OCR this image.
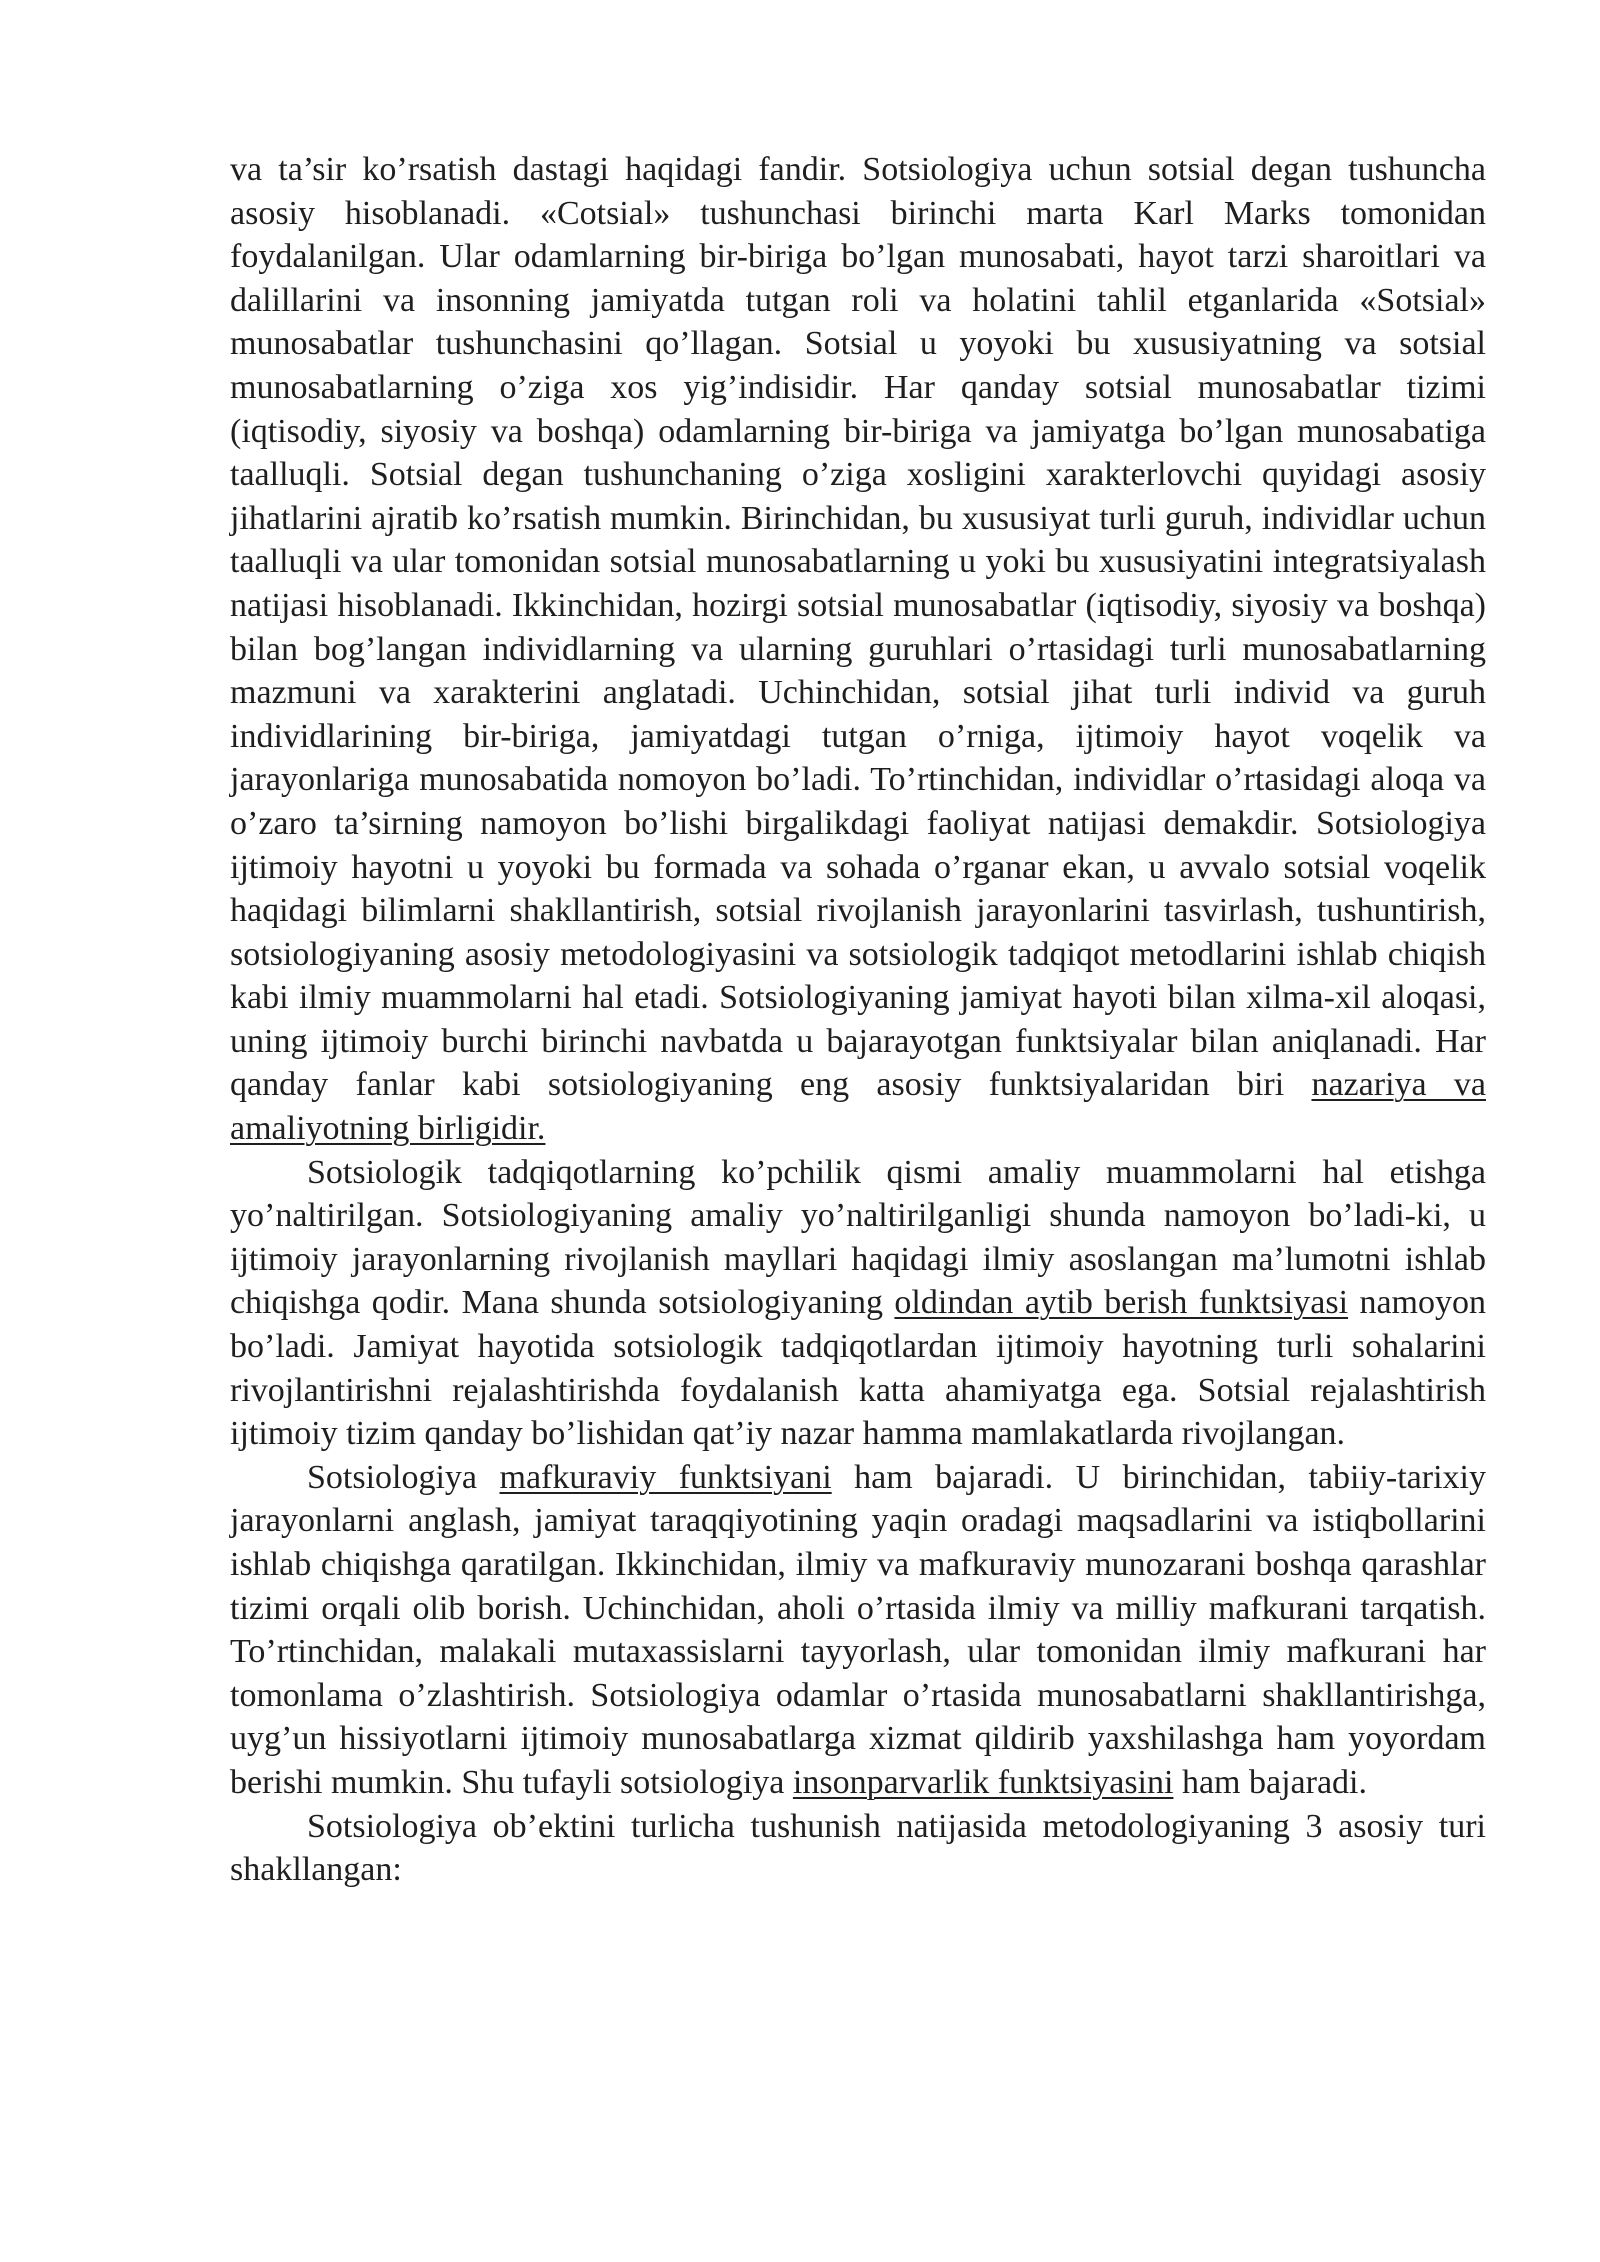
va ta’sir ko’rsatish dastagi haqidagi fandir. Sotsiologiya uchun sotsial degan tushuncha asosiy hisoblanadi. «Cotsial» tushunchasi birinchi marta Karl Marks tomonidan foydalanilgan. Ular odamlarning bir-biriga bo’lgan munosabati, hayot tarzi sharoitlari va dalillarini va insonning jamiyatda tutgan roli va holatini tahlil etganlarida «Sotsial» munosabatlar tushunchasini qo’llagan. Sotsial u yoyoki bu xususiyatning va sotsial munosabatlarning o’ziga xos yig’indisidir. Har qanday sotsial munosabatlar tizimi (iqtisodiy, siyosiy va boshqa) odamlarning bir-biriga va jamiyatga bo’lgan munosabatiga taalluqli. Sotsial degan tushunchaning o’ziga xosligini xarakterlovchi quyidagi asosiy jihatlarini ajratib ko’rsatish mumkin. Birinchidan, bu xususiyat turli guruh, individlar uchun taalluqli va ular tomonidan sotsial munosabatlarning u yoki bu xususiyatini integratsiyalash natijasi hisoblanadi. Ikkinchidan, hozirgi sotsial munosabatlar (iqtisodiy, siyosiy va boshqa) bilan bog’langan individlarning va ularning guruhlari o’rtasidagi turli munosabatlarning mazmuni va xarakterini anglatadi. Uchinchidan, sotsial jihat turli individ va guruh individlarining bir-biriga, jamiyatdagi tutgan o’rniga, ijtimoiy hayot voqelik va jarayonlariga munosabatida nomoyon bo’ladi. To’rtinchidan, individlar o’rtasidagi aloqa va o’zaro ta’sirning namoyon bo’lishi birgalikdagi faoliyat natijasi demakdir. Sotsiologiya ijtimoiy hayotni u yoyoki bu formada va sohada o’rganar ekan, u avvalo sotsial voqelik haqidagi bilimlarni shakllantirish, sotsial rivojlanish jarayonlarini tasvirlash, tushuntirish, sotsiologiyaning asosiy metodologiyasini va sotsiologik tadqiqot metodlarini ishlab chiqish kabi ilmiy muammolarni hal etadi. Sotsiologiyaning jamiyat hayoti bilan xilma-xil aloqasi, uning ijtimoiy burchi birinchi navbatda u bajarayotgan funktsiyalar bilan aniqlanadi. Har qanday fanlar kabi sotsiologiyaning eng asosiy funktsiyalaridan biri nazariya va amaliyotning birligidir.

Sotsiologik tadqiqotlarning ko’pchilik qismi amaliy muammolarni hal etishga yo’naltirilgan. Sotsiologiyaning amaliy yo’naltirilganligi shunda namoyon bo’ladi-ki, u ijtimoiy jarayonlarning rivojlanish mayllari haqidagi ilmiy asoslangan ma’lumotni ishlab chiqishga qodir. Mana shunda sotsiologiyaning oldindan aytib berish funktsiyasi namoyon bo’ladi. Jamiyat hayotida sotsiologik tadqiqotlardan ijtimoiy hayotning turli sohalarini rivojlantirishni rejalashtirishda foydalanish katta ahamiyatga ega. Sotsial rejalashtirish ijtimoiy tizim qanday bo’lishidan qat’iy nazar hamma mamlakatlarda rivojlangan.

Sotsiologiya mafkuraviy funktsiyani ham bajaradi. U birinchidan, tabiiy-tarixiy jarayonlarni anglash, jamiyat taraqqiyotining yaqin oradagi maqsadlarini va istiqbollarini ishlab chiqishga qaratilgan. Ikkinchidan, ilmiy va mafkuraviy munozarani boshqa qarashlar tizimi orqali olib borish. Uchinchidan, aholi o’rtasida ilmiy va milliy mafkurani tarqatish. To’rtinchidan, malakali mutaxassislarni tayyorlash, ular tomonidan ilmiy mafkurani har tomonlama o’zlashtirish. Sotsiologiya odamlar o’rtasida munosabatlarni shakllantirishga, uyg’un hissiyotlarni ijtimoiy munosabatlarga xizmat qildirib yaxshilashga ham yoyordam berishi mumkin. Shu tufayli sotsiologiya insonparvarlik funktsiyasini ham bajaradi.

Sotsiologiya ob’ektini turlicha tushunish natijasida metodologiyaning 3 asosiy turi shakllangan:
